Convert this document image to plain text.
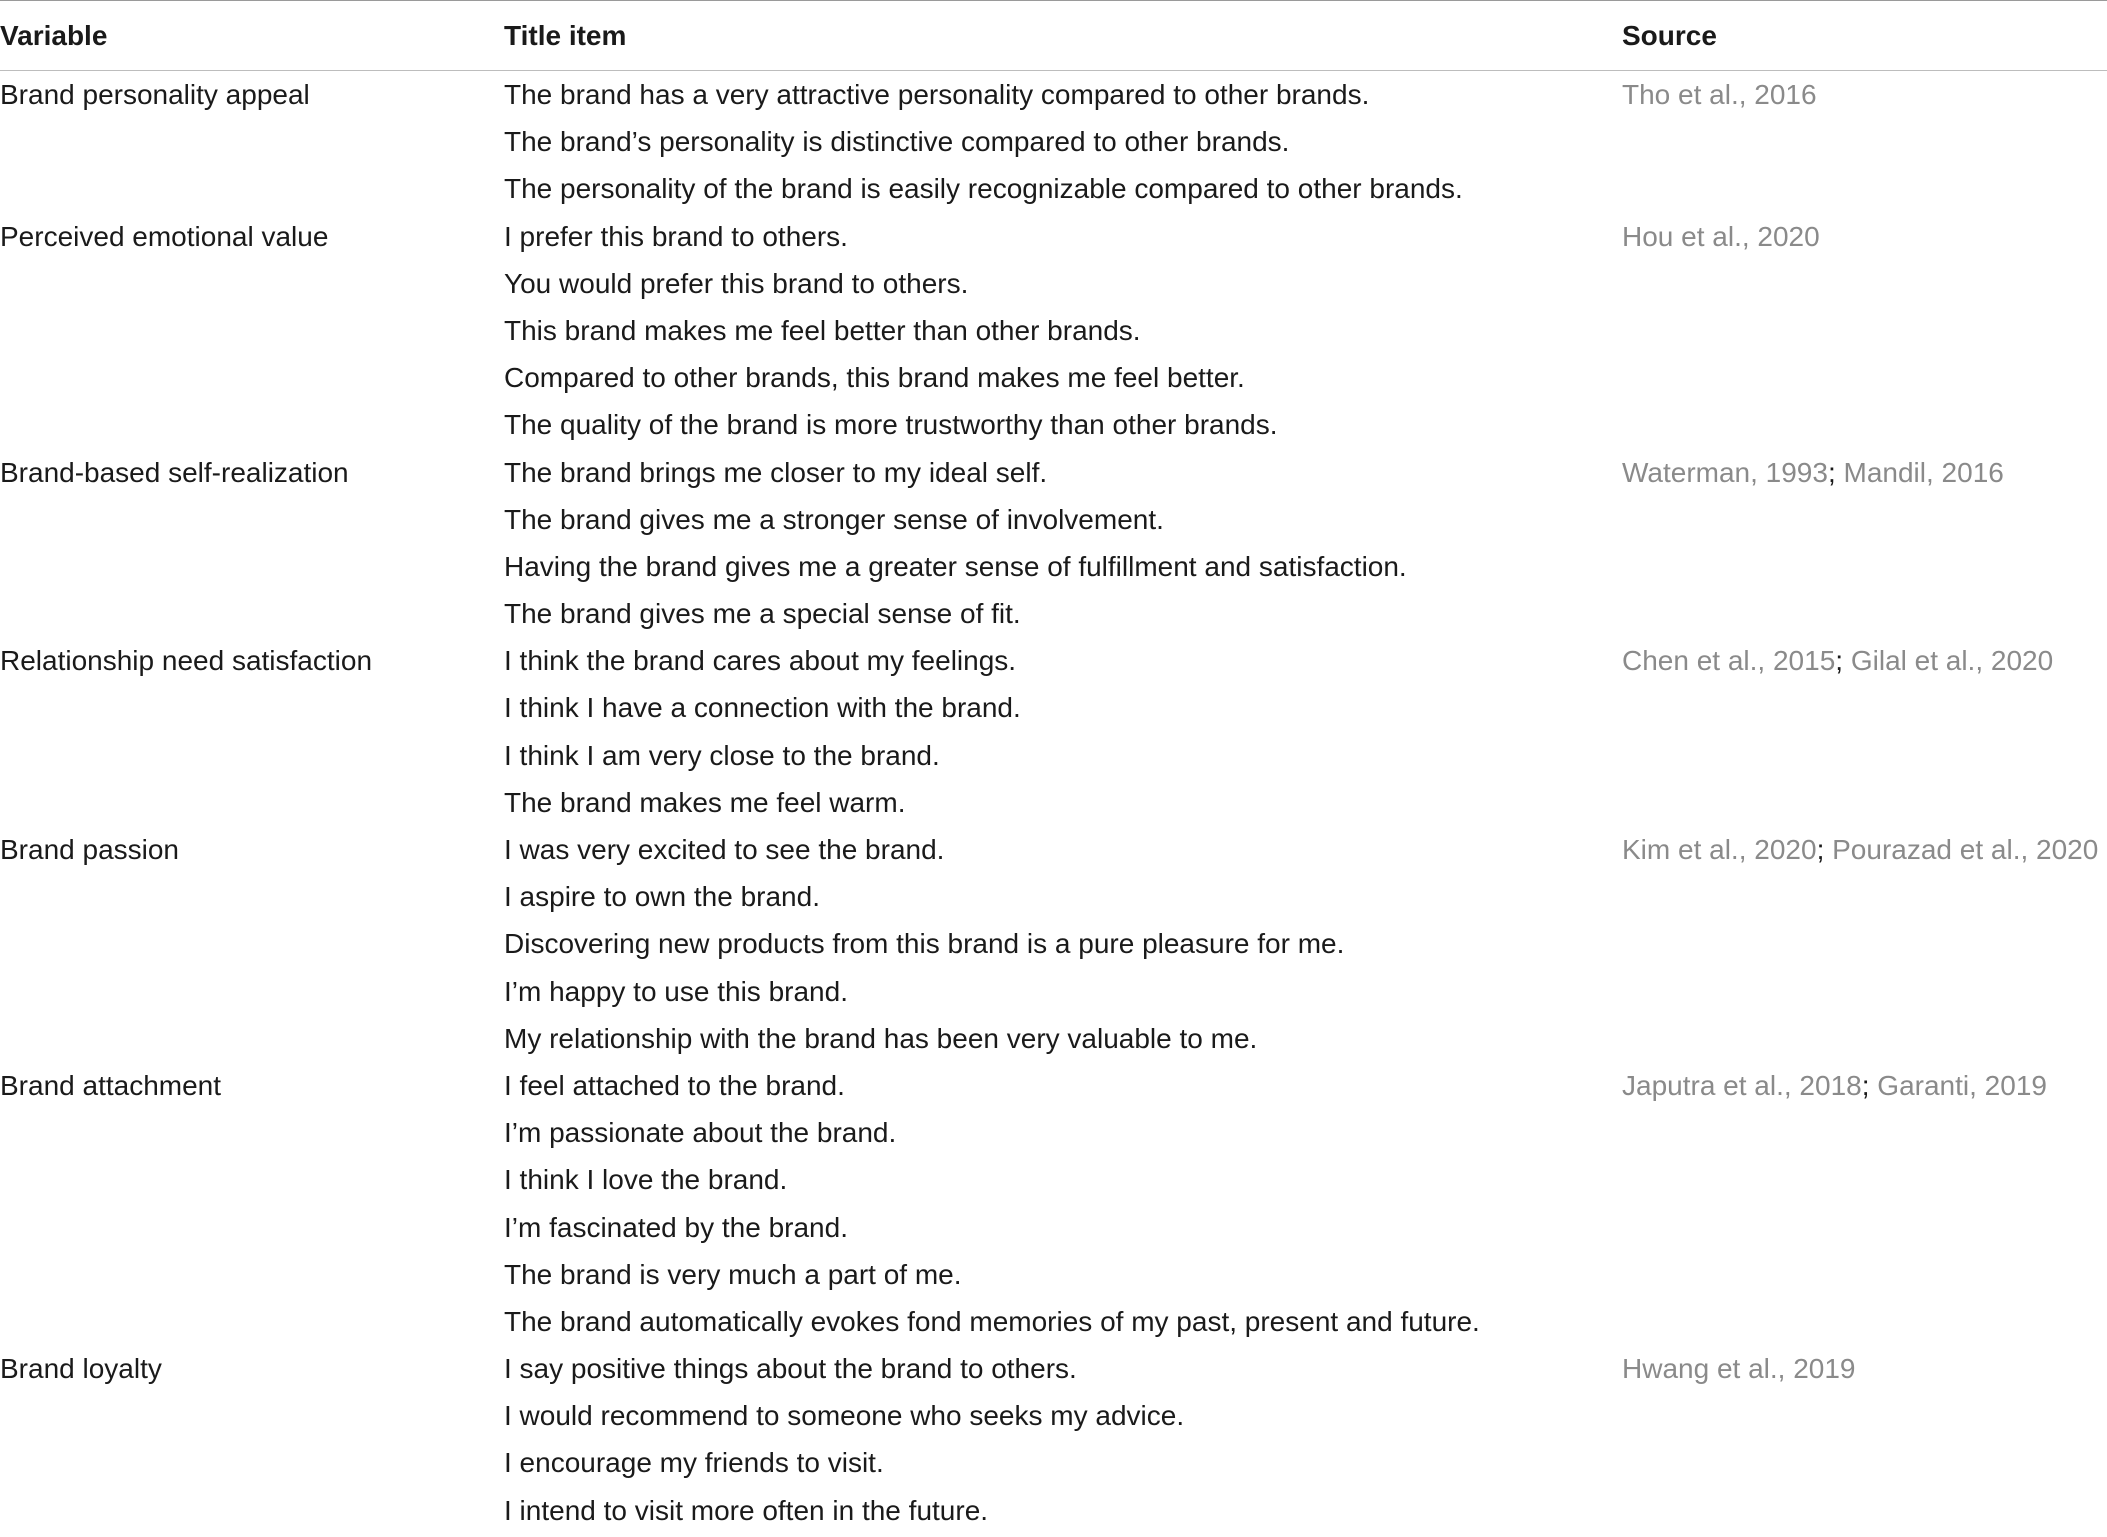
Variable	Title item	Source
Brand personality appeal	The brand has a very attractive personality compared to other brands.	Tho et al., 2016
The brand’s personality is distinctive compared to other brands.
The personality of the brand is easily recognizable compared to other brands.
Perceived emotional value	I prefer this brand to others.	Hou et al., 2020
You would prefer this brand to others.
This brand makes me feel better than other brands.
Compared to other brands, this brand makes me feel better.
The quality of the brand is more trustworthy than other brands.
Brand-based self-realization	The brand brings me closer to my ideal self.	Waterman, 1993; Mandil, 2016
The brand gives me a stronger sense of involvement.
Having the brand gives me a greater sense of fulfillment and satisfaction.
The brand gives me a special sense of fit.
Relationship need satisfaction	I think the brand cares about my feelings.	Chen et al., 2015; Gilal et al., 2020
I think I have a connection with the brand.
I think I am very close to the brand.
The brand makes me feel warm.
Brand passion	I was very excited to see the brand.	Kim et al., 2020; Pourazad et al., 2020
I aspire to own the brand.
Discovering new products from this brand is a pure pleasure for me.
I’m happy to use this brand.
My relationship with the brand has been very valuable to me.
Brand attachment	I feel attached to the brand.	Japutra et al., 2018; Garanti, 2019
I’m passionate about the brand.
I think I love the brand.
I’m fascinated by the brand.
The brand is very much a part of me.
The brand automatically evokes fond memories of my past, present and future.
Brand loyalty	I say positive things about the brand to others.	Hwang et al., 2019
I would recommend to someone who seeks my advice.
I encourage my friends to visit.
I intend to visit more often in the future.
